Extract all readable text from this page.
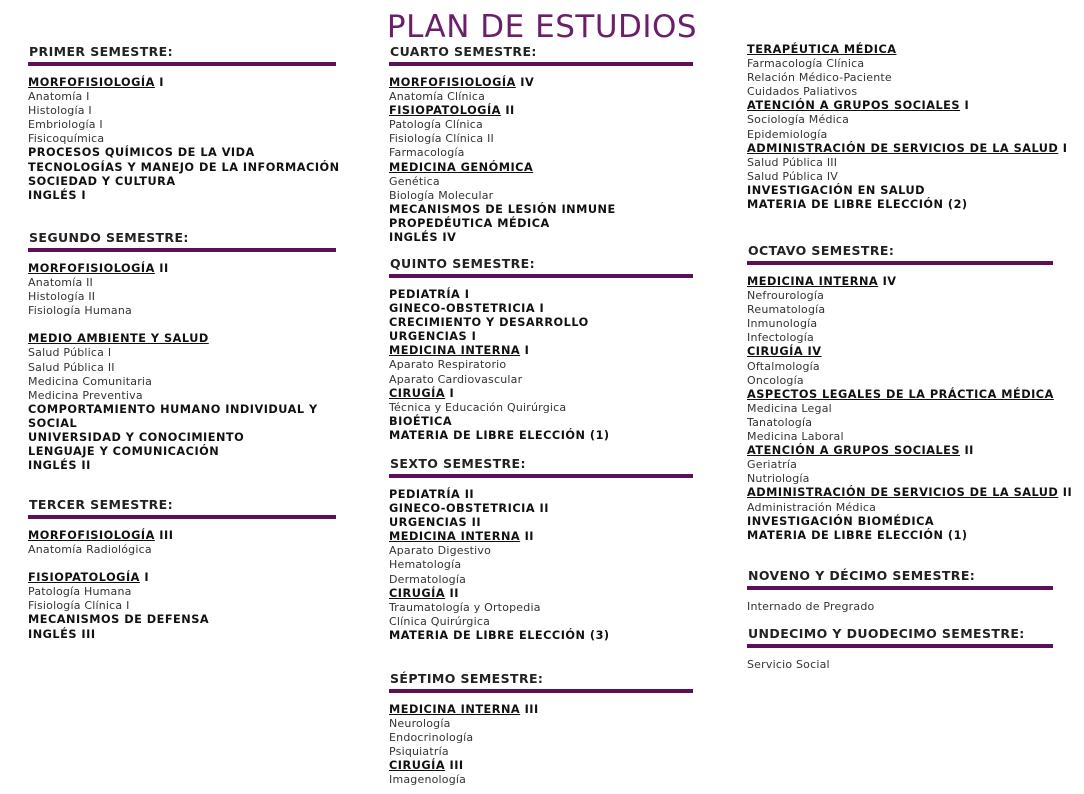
PLAN DE ESTUDIOS
PRIMER SEMESTRE:
MORFOFISIOLOGÍA I
Anatomía I
Histología I
Embriología I
Fisicoquímica
PROCESOS QUÍMICOS DE LA VIDA
TECNOLOGÍAS Y MANEJO DE LA INFORMACIÓN
SOCIEDAD Y CULTURA
INGLÉS I
SEGUNDO SEMESTRE:
MORFOFISIOLOGÍA II
Anatomía II
Histología II
Fisiología Humana
MEDIO AMBIENTE Y SALUD
Salud Pública I
Salud Pública II
Medicina Comunitaria
Medicina Preventiva
COMPORTAMIENTO HUMANO INDIVIDUAL Y SOCIAL
UNIVERSIDAD Y CONOCIMIENTO
LENGUAJE Y COMUNICACIÓN
INGLÉS II
TERCER SEMESTRE:
MORFOFISIOLOGÍA III
Anatomía Radiológica
FISIOPATOLOGÍA I
Patología Humana
Fisiología Clínica I
MECANISMOS DE DEFENSA
INGLÉS III
CUARTO SEMESTRE:
MORFOFISIOLOGÍA IV
Anatomía Clínica
FISIOPATOLOGÍA II
Patología Clínica
Fisiología Clínica II
Farmacología
MEDICINA GENÓMICA
Genética
Biología Molecular
MECANISMOS DE LESIÓN INMUNE
PROPEDÉUTICA MÉDICA
INGLÉS IV
QUINTO SEMESTRE:
PEDIATRÍA I
GINECO-OBSTETRICIA I
CRECIMIENTO Y DESARROLLO
URGENCIAS I
MEDICINA INTERNA I
Aparato Respiratorio
Aparato Cardiovascular
CIRUGÍA I
Técnica y Educación Quirúrgica
BIOÉTICA
MATERIA DE LIBRE ELECCIÓN (1)
SEXTO SEMESTRE:
PEDIATRÍA II
GINECO-OBSTETRICIA II
URGENCIAS II
MEDICINA INTERNA II
Aparato Digestivo
Hematología
Dermatología
CIRUGÍA II
Traumatología y Ortopedia
Clínica Quirúrgica
MATERIA DE LIBRE ELECCIÓN (3)
SÉPTIMO SEMESTRE:
MEDICINA INTERNA III
Neurología
Endocrinología
Psiquiatría
CIRUGÍA III
Imagenología
TERAPÉUTICA MÉDICA
Farmacología Clínica
Relación Médico-Paciente
Cuidados Paliativos
ATENCIÓN A GRUPOS SOCIALES I
Sociología Médica
Epidemiología
ADMINISTRACIÓN DE SERVICIOS DE LA SALUD I
Salud Pública III
Salud Pública IV
INVESTIGACIÓN EN SALUD
MATERIA DE LIBRE ELECCIÓN (2)
OCTAVO SEMESTRE:
MEDICINA INTERNA IV
Nefrourología
Reumatología
Inmunología
Infectología
CIRUGÍA IV
Oftalmología
Oncología
ASPECTOS LEGALES DE LA PRÁCTICA MÉDICA
Medicina Legal
Tanatología
Medicina Laboral
ATENCIÓN A GRUPOS SOCIALES II
Geriatría
Nutriología
ADMINISTRACIÓN DE SERVICIOS DE LA SALUD II
Administración Médica
INVESTIGACIÓN BIOMÉDICA
MATERIA DE LIBRE ELECCIÓN (1)
NOVENO Y DÉCIMO SEMESTRE:
Internado de Pregrado
UNDECIMO Y DUODECIMO SEMESTRE:
Servicio Social
